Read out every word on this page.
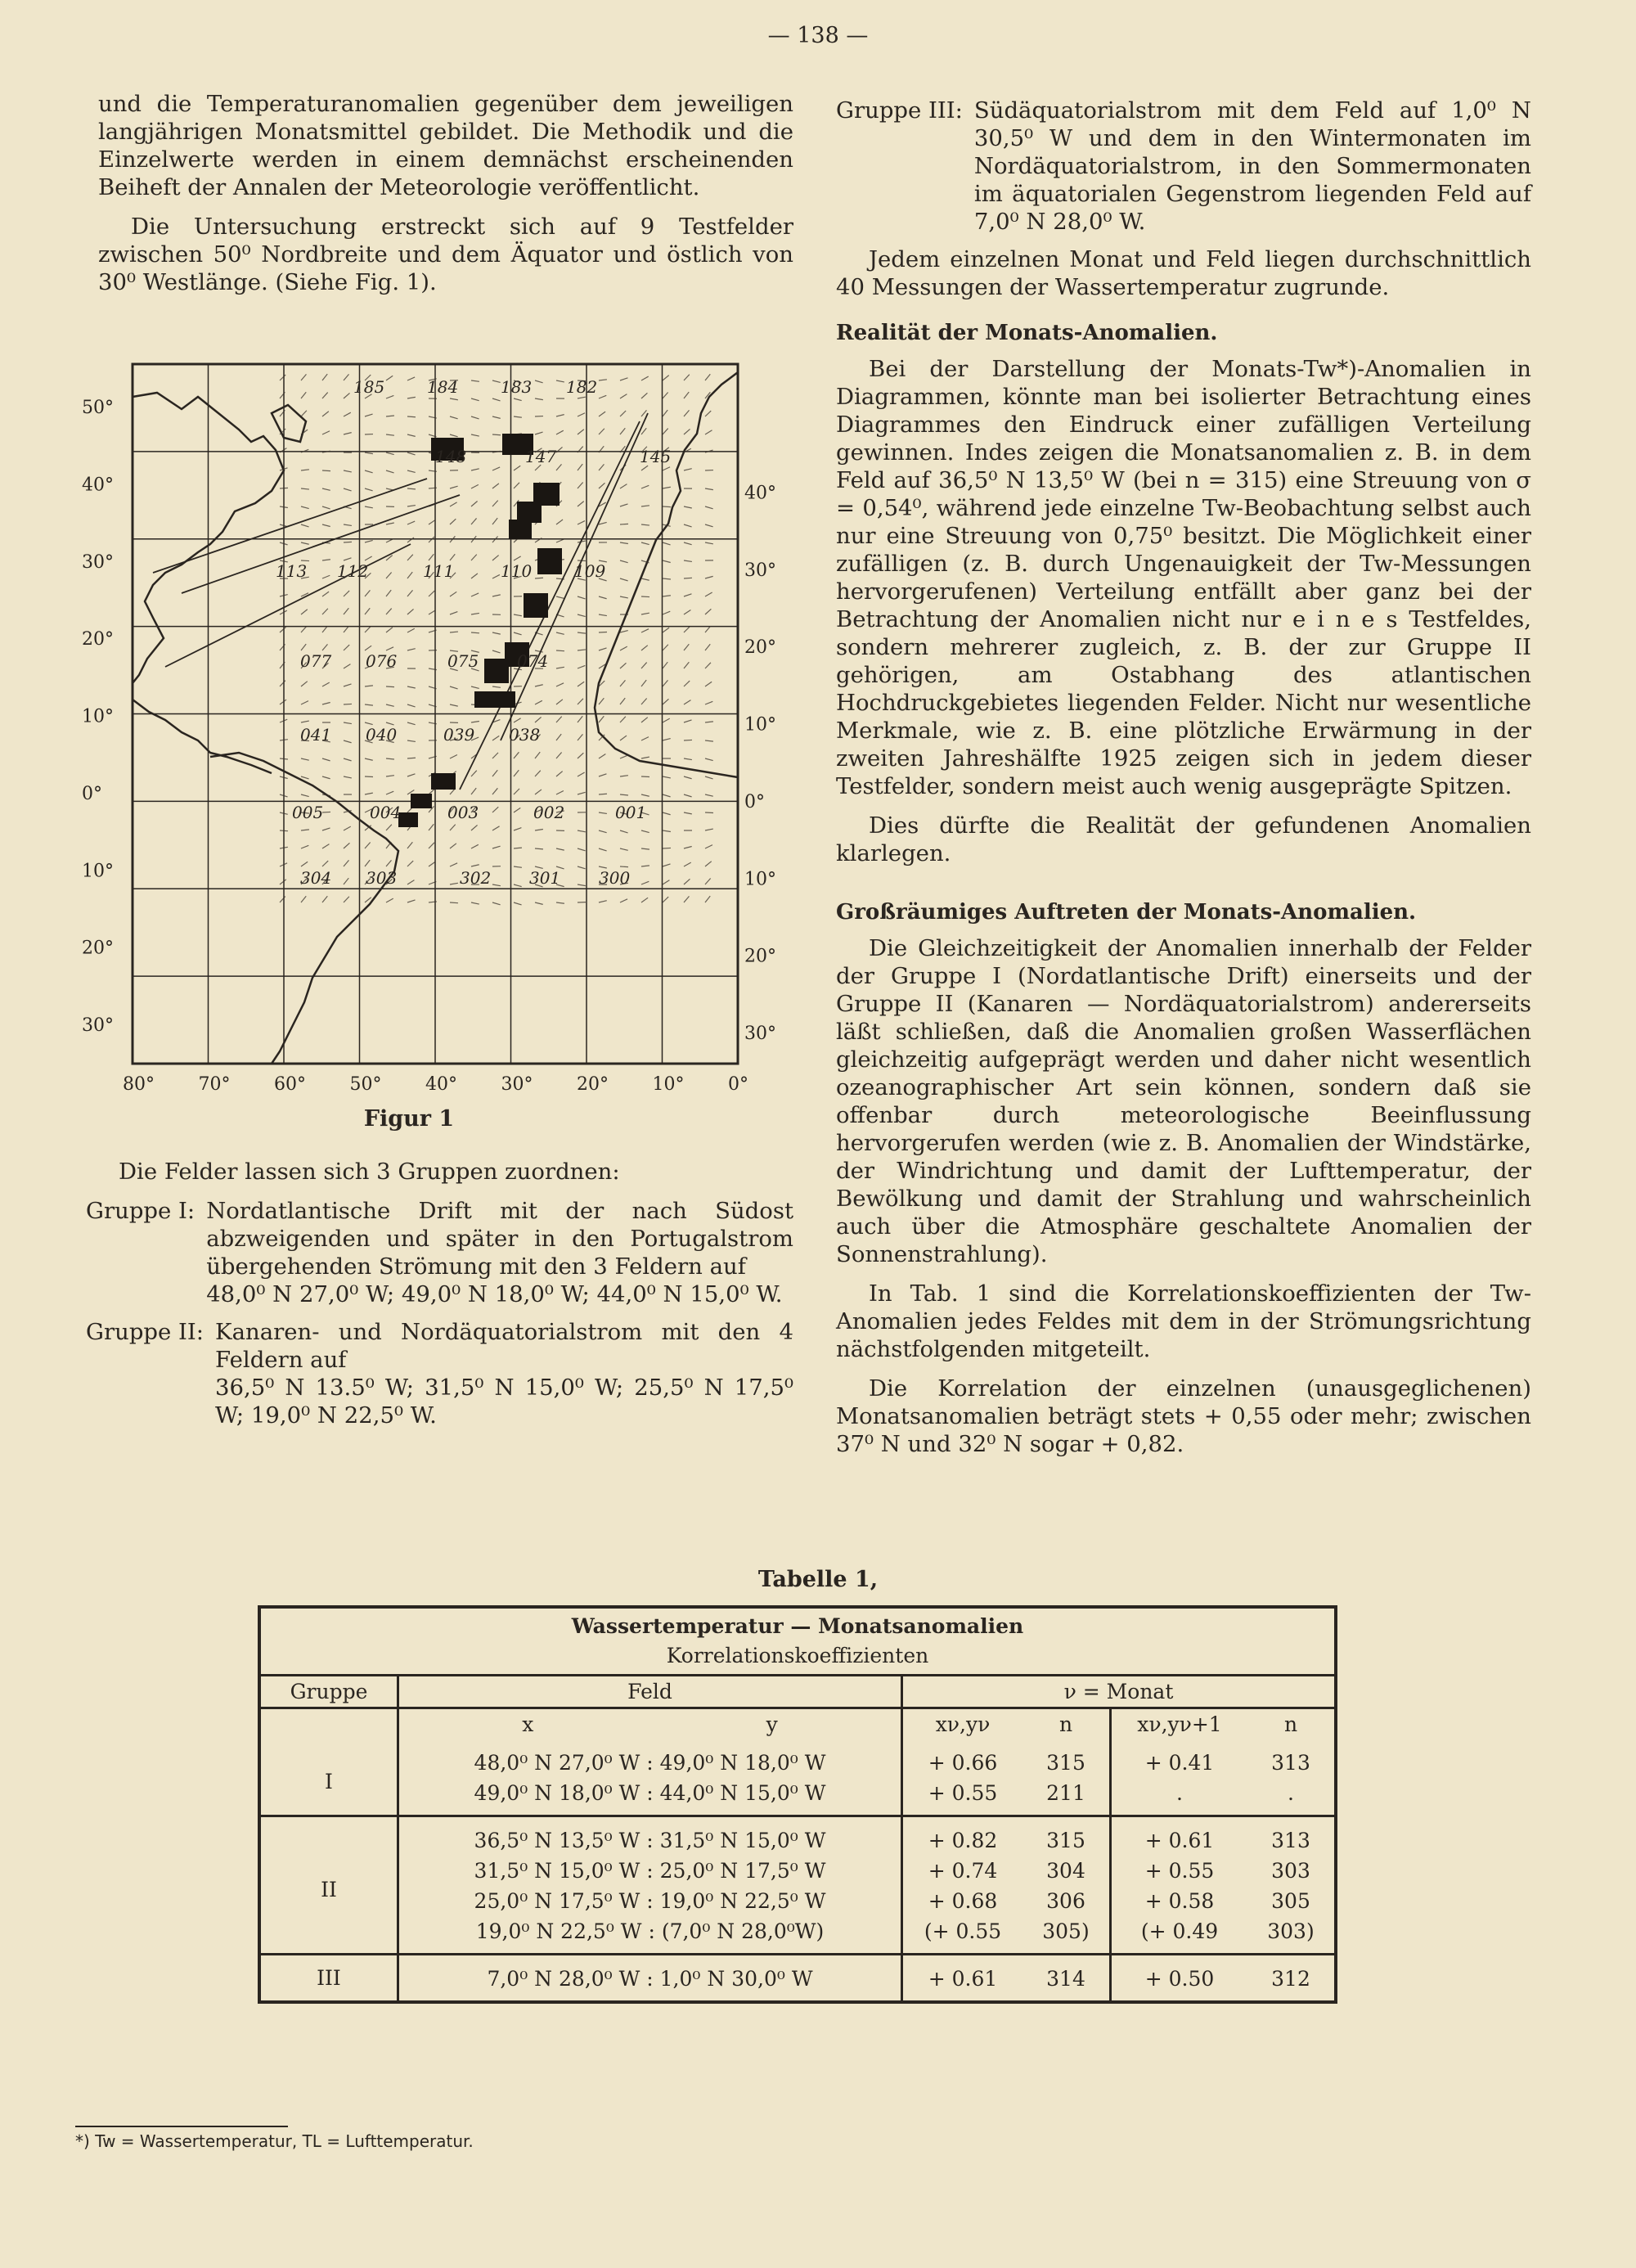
— 138 —

und die Temperaturanomalien gegenüber dem jeweiligen langjährigen Monatsmittel gebildet. Die Methodik und die Einzelwerte werden in einem demnächst erscheinenden Beiheft der Annalen der Meteorologie veröffentlicht.

Die Untersuchung erstreckt sich auf 9 Testfelder zwischen 50⁰ Nordbreite und dem Äquator und östlich von 30⁰ Westlänge. (Siehe Fig. 1).

185	184	183 182
148	147	145
113 112	111	110	109
077 076	075 074
041 040	039 038
005	004	003	002	001
304 303	302 301 300
50°
40°
30°
20°
10°
0°
10°
20°
30°
40°
30°
20°
10°
0°
10°
20°
30°
80° 70° 60° 50° 40° 30° 20° 10° 0°
Figur 1

Die Felder lassen sich 3 Gruppen zuordnen:

Gruppe I: Nordatlantische Drift mit der nach Südost abzweigenden und später in den Portugalstrom übergehenden Strömung mit den 3 Feldern auf
48,0⁰ N 27,0⁰ W; 49,0⁰ N 18,0⁰ W; 44,0⁰ N 15,0⁰ W.
Gruppe II: Kanaren- und Nordäquatorialstrom mit den 4 Feldern auf
36,5⁰ N 13.5⁰ W; 31,5⁰ N 15,0⁰ W; 25,5⁰ N 17,5⁰ W; 19,0⁰ N 22,5⁰ W.
Gruppe III: Südäquatorialstrom mit dem Feld auf 1,0⁰ N 30,5⁰ W und dem in den Wintermonaten im Nordäquatorialstrom, in den Sommermonaten im äquatorialen Gegenstrom liegenden Feld auf 7,0⁰ N 28,0⁰ W.

Jedem einzelnen Monat und Feld liegen durchschnittlich 40 Messungen der Wassertemperatur zugrunde.

Realität der Monats-Anomalien.

Bei der Darstellung der Monats-Tw*)-Anomalien in Diagrammen, könnte man bei isolierter Betrachtung eines Diagrammes den Eindruck einer zufälligen Verteilung gewinnen. Indes zeigen die Monatsanomalien z. B. in dem Feld auf 36,5⁰ N 13,5⁰ W (bei n = 315) eine Streuung von σ = 0,54⁰, während jede einzelne Tw-Beobachtung selbst auch nur eine Streuung von 0,75⁰ besitzt. Die Möglichkeit einer zufälligen (z. B. durch Ungenauigkeit der Tw-Messungen hervorgerufenen) Verteilung entfällt aber ganz bei der Betrachtung der Anomalien nicht nur e i n e s Testfeldes, sondern mehrerer zugleich, z. B. der zur Gruppe II gehörigen, am Ostabhang des atlantischen Hochdruckgebietes liegenden Felder. Nicht nur wesentliche Merkmale, wie z. B. eine plötzliche Erwärmung in der zweiten Jahreshälfte 1925 zeigen sich in jedem dieser Testfelder, sondern meist auch wenig ausgeprägte Spitzen.

Dies dürfte die Realität der gefundenen Anomalien klarlegen.

Großräumiges Auftreten der Monats-Anomalien.

Die Gleichzeitigkeit der Anomalien innerhalb der Felder der Gruppe I (Nordatlantische Drift) einerseits und der Gruppe II (Kanaren — Nordäquatorialstrom) andererseits läßt schließen, daß die Anomalien großen Wasserflächen gleichzeitig aufgeprägt werden und daher nicht wesentlich ozeanographischer Art sein können, sondern daß sie offenbar durch meteorologische Beeinflussung hervorgerufen werden (wie z. B. Anomalien der Windstärke, der Windrichtung und damit der Lufttemperatur, der Bewölkung und damit der Strahlung und wahrscheinlich auch über die Atmosphäre geschaltete Anomalien der Sonnenstrahlung).

In Tab. 1 sind die Korrelationskoeffizienten der Tw-Anomalien jedes Feldes mit dem in der Strömungsrichtung nächstfolgenden mitgeteilt.

Die Korrelation der einzelnen (unausgeglichenen) Monatsanomalien beträgt stets + 0,55 oder mehr; zwischen 37⁰ N und 32⁰ N sogar + 0,82.

Tabelle 1,
Wassertemperatur — Monatsanomalien
Korrelationskoeffizienten					
Gruppe	Feld	ν = Monat			

	x y	xν,yν	n	xν,yν+1	n
I	48,0⁰ N 27,0⁰ W : 49,0⁰ N 18,0⁰ W	+ 0.66	315	+ 0.41	313
	49,0⁰ N 18,0⁰ W : 44,0⁰ N 15,0⁰ W	+ 0.55	211	.	.
II	36,5⁰ N 13,5⁰ W : 31,5⁰ N 15,0⁰ W	+ 0.82	315	+ 0.61	313
	31,5⁰ N 15,0⁰ W : 25,0⁰ N 17,5⁰ W	+ 0.74	304	+ 0.55	303
	25,0⁰ N 17,5⁰ W : 19,0⁰ N 22,5⁰ W	+ 0.68	306	+ 0.58	305
	19,0⁰ N 22,5⁰ W : (7,0⁰ N 28,0⁰W)	(+ 0.55	305)	(+ 0.49	303)
III	7,0⁰ N 28,0⁰ W : 1,0⁰ N 30,0⁰ W	+ 0.61	314	+ 0.50	312
*) Tw = Wassertemperatur, TL = Lufttemperatur.
